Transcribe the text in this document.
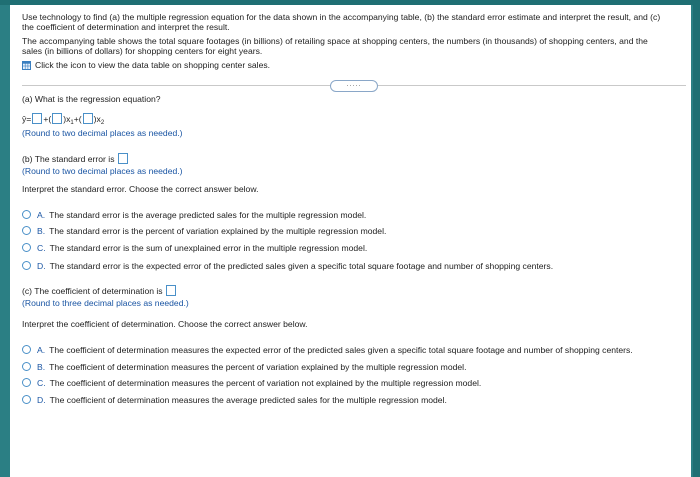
Use technology to find (a) the multiple regression equation for the data shown in the accompanying table, (b) the standard error estimate and interpret the result, and (c)
the coefficient of determination and interpret the result.
The accompanying table shows the total square footages (in billions) of retailing space at shopping centers, the numbers (in thousands) of shopping centers, and the
sales (in billions of dollars) for shopping centers for eight years.
Click the icon to view the data table on shopping center sales.
.....
(a) What is the regression equation?
ŷ= +( )$x_1+$( )$x_2$
(Round to two decimal places as needed.)
(b) The standard error is
(Round to two decimal places as needed.)
Interpret the standard error. Choose the correct answer below.
A. The standard error is the average predicted sales for the multiple regression model.
B. The standard error is the percent of variation explained by the multiple regression model.
C. The standard error is the sum of unexplained error in the multiple regression model.
D. The standard error is the expected error of the predicted sales given a specific total square footage and number of shopping centers.
(c) The coefficient of determination is
(Round to three decimal places as needed.)
Interpret the coefficient of determination. Choose the correct answer below.
A. The coefficient of determination measures the expected error of the predicted sales given a specific total square footage and number of shopping centers.
B. The coefficient of determination measures the percent of variation explained by the multiple regression model.
C. The coefficient of determination measures the percent of variation not explained by the multiple regression model.
D. The coefficient of determination measures the average predicted sales for the multiple regression model.
